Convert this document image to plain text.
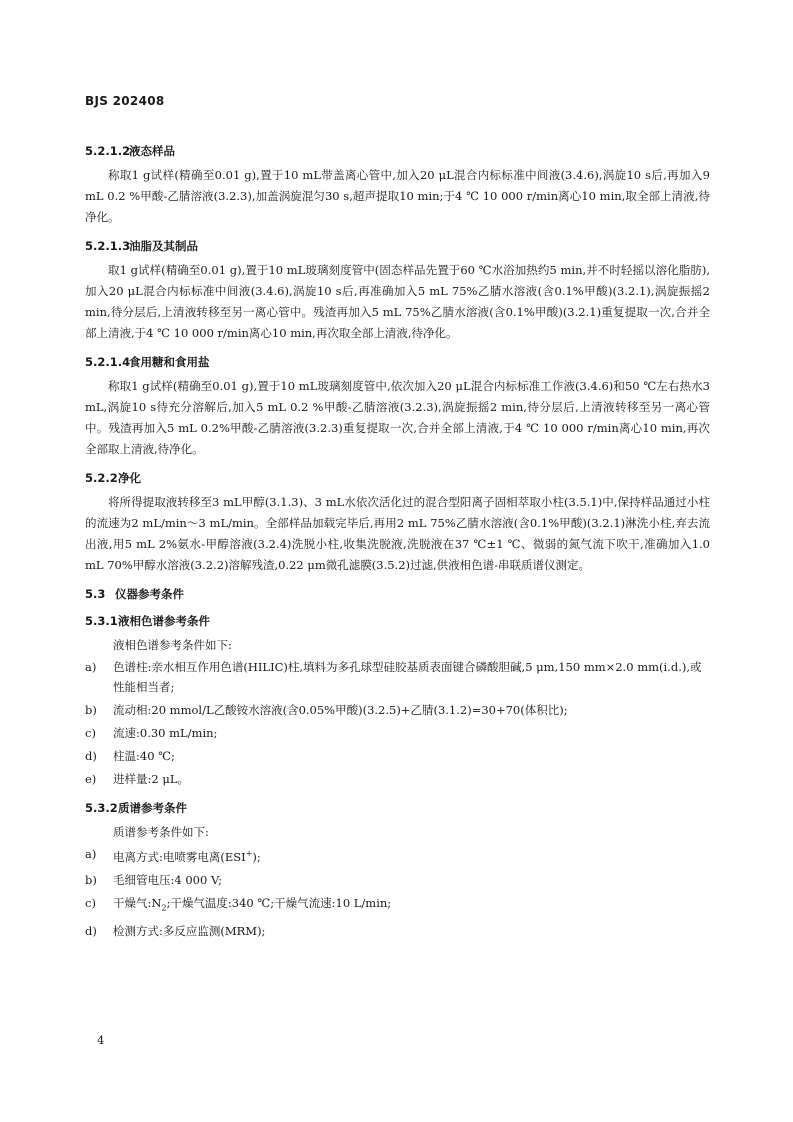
BJS 202408
5.2.1.2液态样品

称取1 g试样(精确至0.01 g),置于10 mL带盖离心管中,加入20 μL混合内标标准中间液(3.4.6),涡旋10 s后,再加入9 mL 0.2 %甲酸-乙腈溶液(3.2.3),加盖涡旋混匀30 s,超声提取10 min;于4 ℃ 10 000 r/min离心10 min,取全部上清液,待净化。

5.2.1.3油脂及其制品

取1 g试样(精确至0.01 g),置于10 mL玻璃刻度管中(固态样品先置于60 ℃水浴加热约5 min,并不时轻摇以溶化脂肪),加入20 μL混合内标标准中间液(3.4.6),涡旋10 s后,再准确加入5 mL 75%乙腈水溶液(含0.1%甲酸)(3.2.1),涡旋振摇2 min,待分层后,上清液转移至另一离心管中。残渣再加入5 mL 75%乙腈水溶液(含0.1%甲酸)(3.2.1)重复提取一次,合并全部上清液,于4 ℃ 10 000 r/min离心10 min,再次取全部上清液,待净化。

5.2.1.4食用糖和食用盐

称取1 g试样(精确至0.01 g),置于10 mL玻璃刻度管中,依次加入20 μL混合内标标准工作液(3.4.6)和50 ℃左右热水3 mL,涡旋10 s待充分溶解后,加入5 mL 0.2 %甲酸-乙腈溶液(3.2.3),涡旋振摇2 min,待分层后,上清液转移至另一离心管中。残渣再加入5 mL 0.2%甲酸-乙腈溶液(3.2.3)重复提取一次,合并全部上清液,于4 ℃ 10 000 r/min离心10 min,再次全部取上清液,待净化。

5.2.2净化

将所得提取液转移至3 mL甲醇(3.1.3)、3 mL水依次活化过的混合型阳离子固相萃取小柱(3.5.1)中,保持样品通过小柱的流速为2 mL/min～3 mL/min。全部样品加载完毕后,再用2 mL 75%乙腈水溶液(含0.1%甲酸)(3.2.1)淋洗小柱,弃去流出液,用5 mL 2%氨水-甲醇溶液(3.2.4)洗脱小柱,收集洗脱液,洗脱液在37 ℃±1 ℃、微弱的氮气流下吹干,准确加入1.0 mL 70%甲醇水溶液(3.2.2)溶解残渣,0.22 μm微孔滤膜(3.5.2)过滤,供液相色谱-串联质谱仪测定。

5.3 仪器参考条件
5.3.1液相色谱参考条件
液相色谱参考条件如下:
a)	色谱柱:亲水相互作用色谱(HILIC)柱,填料为多孔球型硅胶基质表面键合磷酸胆碱,5 μm,150 mm×2.0 mm(i.d.),或性能相当者;
b)	流动相:20 mmol/L乙酸铵水溶液(含0.05%甲酸)(3.2.5)+乙腈(3.1.2)=30+70(体积比);
c)	流速:0.30 mL/min;
d)	柱温:40 ℃;
e)	进样量:2 μL。
5.3.2质谱参考条件
质谱参考条件如下:
a)	电离方式:电喷雾电离(ESI+);
b)	毛细管电压:4 000 V;
c)	干燥气$:N_2$;干燥气温度:340 ℃;干燥气流速:10 L/min;
d)	检测方式:多反应监测(MRM);
4
